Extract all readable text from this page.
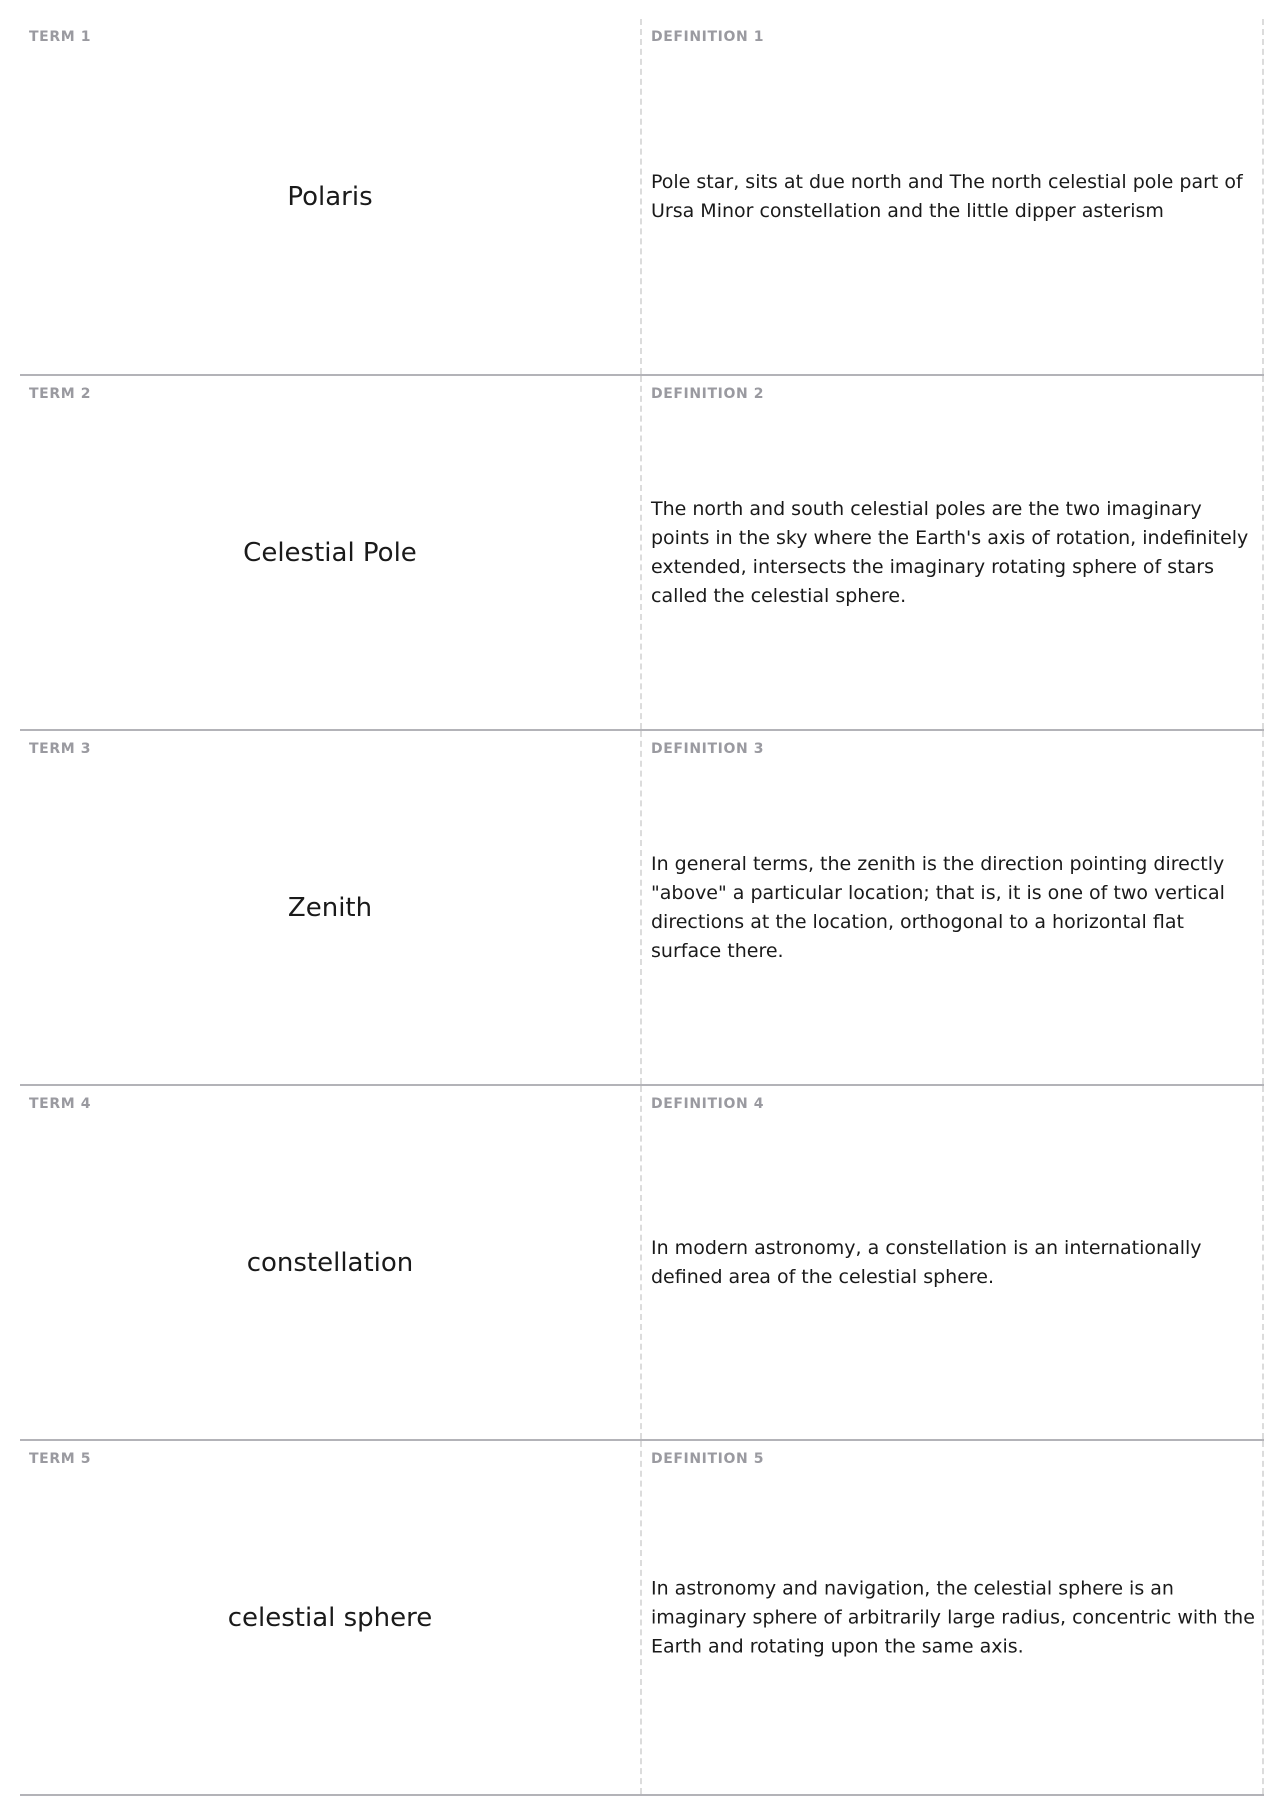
TERM 1
Polaris
DEFINITION 1
Pole star, sits at due north and The north celestial pole part of Ursa Minor constellation and the little dipper asterism
TERM 2
Celestial Pole
DEFINITION 2
The north and south celestial poles are the two imaginary points in the sky where the Earth's axis of rotation, indefinitely extended, intersects the imaginary rotating sphere of stars called the celestial sphere.
TERM 3
Zenith
DEFINITION 3
In general terms, the zenith is the direction pointing directly "above" a particular location; that is, it is one of two vertical directions at the location, orthogonal to a horizontal flat surface there.
TERM 4
constellation
DEFINITION 4
In modern astronomy, a constellation is an internationally defined area of the celestial sphere.
TERM 5
celestial sphere
DEFINITION 5
In astronomy and navigation, the celestial sphere is an imaginary sphere of arbitrarily large radius, concentric with the Earth and rotating upon the same axis.
